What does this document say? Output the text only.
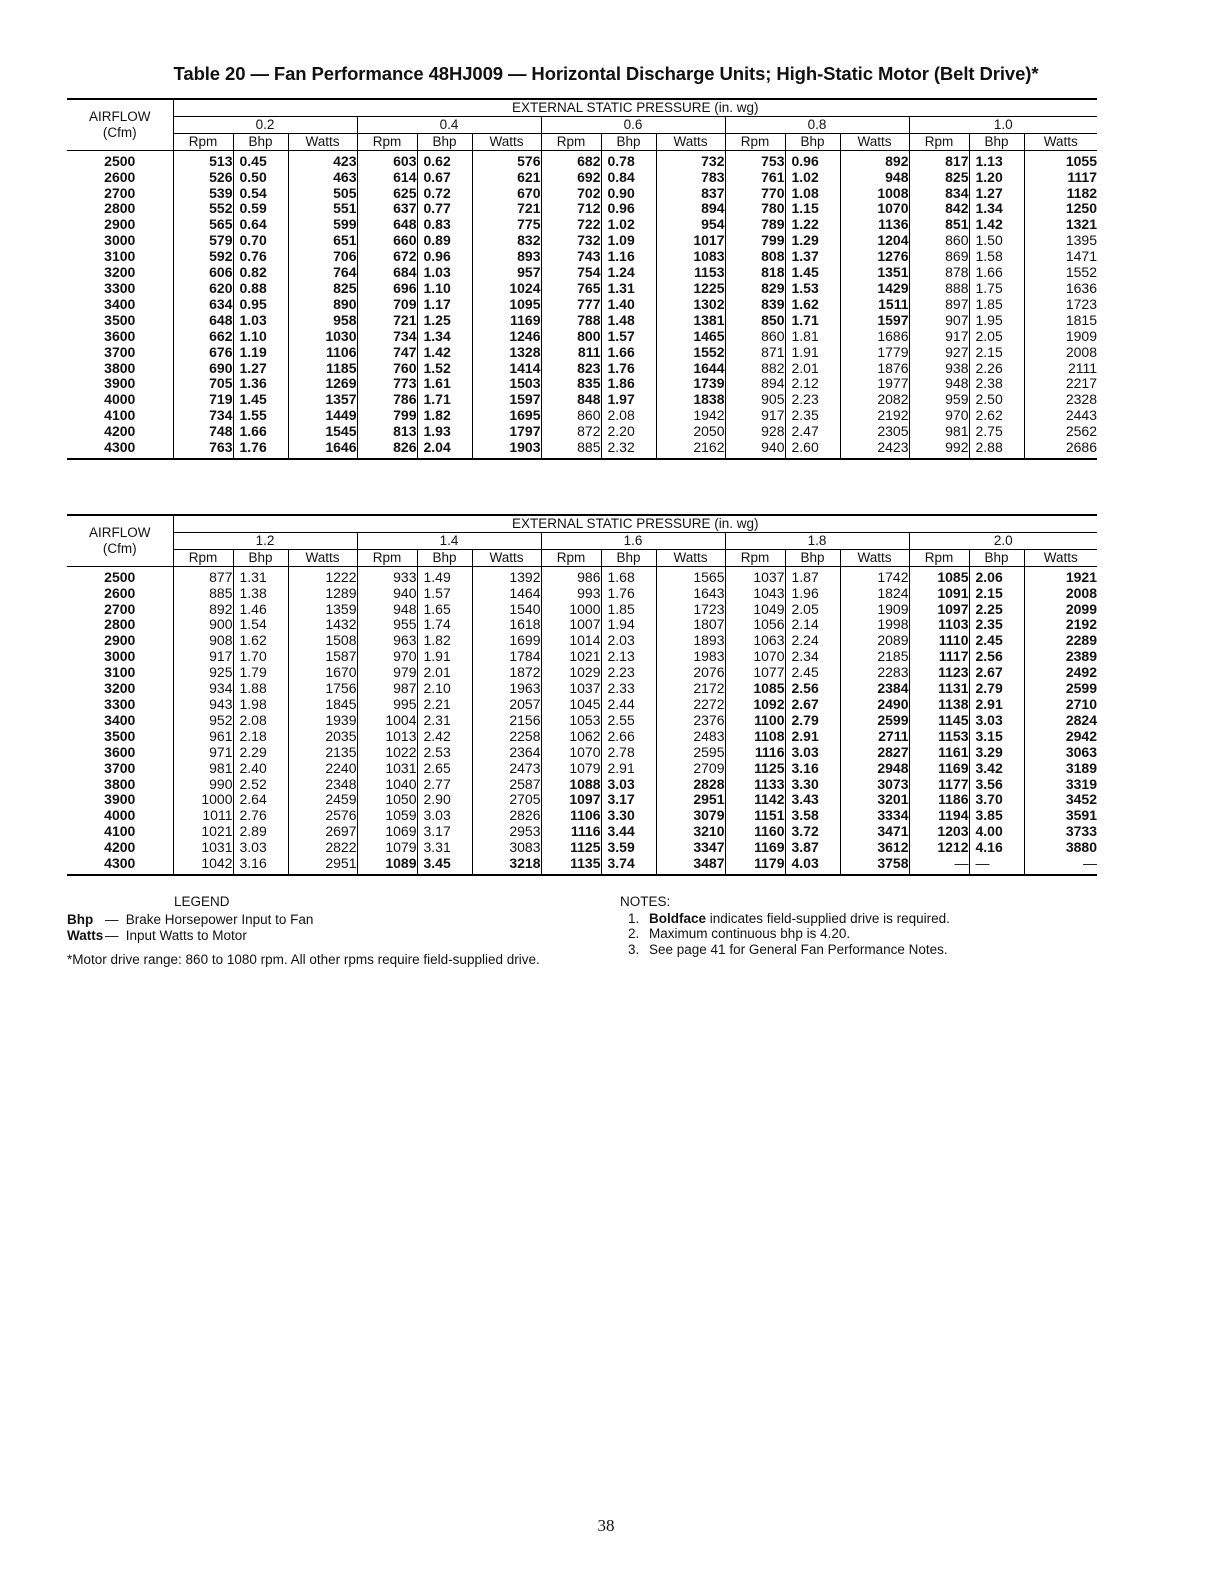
Table 20 — Fan Performance 48HJ009 — Horizontal Discharge Units; High-Static Motor (Belt Drive)*
AIRFLOW
(Cfm)	EXTERNAL STATIC PRESSURE (in. wg)														
	0.2			0.4			0.6			0.8			1.0		
	Rpm	Bhp	Watts	Rpm	Bhp	Watts	Rpm	Bhp	Watts	Rpm	Bhp	Watts	Rpm	Bhp	Watts
2500	513	0.45	423	603	0.62	576	682	0.78	732	753	0.96	892	817	1.13	1055
2600	526	0.50	463	614	0.67	621	692	0.84	783	761	1.02	948	825	1.20	1117
2700	539	0.54	505	625	0.72	670	702	0.90	837	770	1.08	1008	834	1.27	1182
2800	552	0.59	551	637	0.77	721	712	0.96	894	780	1.15	1070	842	1.34	1250
2900	565	0.64	599	648	0.83	775	722	1.02	954	789	1.22	1136	851	1.42	1321
3000	579	0.70	651	660	0.89	832	732	1.09	1017	799	1.29	1204	860	1.50	1395
3100	592	0.76	706	672	0.96	893	743	1.16	1083	808	1.37	1276	869	1.58	1471
3200	606	0.82	764	684	1.03	957	754	1.24	1153	818	1.45	1351	878	1.66	1552
3300	620	0.88	825	696	1.10	1024	765	1.31	1225	829	1.53	1429	888	1.75	1636
3400	634	0.95	890	709	1.17	1095	777	1.40	1302	839	1.62	1511	897	1.85	1723
3500	648	1.03	958	721	1.25	1169	788	1.48	1381	850	1.71	1597	907	1.95	1815
3600	662	1.10	1030	734	1.34	1246	800	1.57	1465	860	1.81	1686	917	2.05	1909
3700	676	1.19	1106	747	1.42	1328	811	1.66	1552	871	1.91	1779	927	2.15	2008
3800	690	1.27	1185	760	1.52	1414	823	1.76	1644	882	2.01	1876	938	2.26	2111
3900	705	1.36	1269	773	1.61	1503	835	1.86	1739	894	2.12	1977	948	2.38	2217
4000	719	1.45	1357	786	1.71	1597	848	1.97	1838	905	2.23	2082	959	2.50	2328
4100	734	1.55	1449	799	1.82	1695	860	2.08	1942	917	2.35	2192	970	2.62	2443
4200	748	1.66	1545	813	1.93	1797	872	2.20	2050	928	2.47	2305	981	2.75	2562
4300	763	1.76	1646	826	2.04	1903	885	2.32	2162	940	2.60	2423	992	2.88	2686
AIRFLOW
(Cfm)	EXTERNAL STATIC PRESSURE (in. wg)														
	1.2			1.4			1.6			1.8			2.0		
	Rpm	Bhp	Watts	Rpm	Bhp	Watts	Rpm	Bhp	Watts	Rpm	Bhp	Watts	Rpm	Bhp	Watts
2500	877	1.31	1222	933	1.49	1392	986	1.68	1565	1037	1.87	1742	1085	2.06	1921
2600	885	1.38	1289	940	1.57	1464	993	1.76	1643	1043	1.96	1824	1091	2.15	2008
2700	892	1.46	1359	948	1.65	1540	1000	1.85	1723	1049	2.05	1909	1097	2.25	2099
2800	900	1.54	1432	955	1.74	1618	1007	1.94	1807	1056	2.14	1998	1103	2.35	2192
2900	908	1.62	1508	963	1.82	1699	1014	2.03	1893	1063	2.24	2089	1110	2.45	2289
3000	917	1.70	1587	970	1.91	1784	1021	2.13	1983	1070	2.34	2185	1117	2.56	2389
3100	925	1.79	1670	979	2.01	1872	1029	2.23	2076	1077	2.45	2283	1123	2.67	2492
3200	934	1.88	1756	987	2.10	1963	1037	2.33	2172	1085	2.56	2384	1131	2.79	2599
3300	943	1.98	1845	995	2.21	2057	1045	2.44	2272	1092	2.67	2490	1138	2.91	2710
3400	952	2.08	1939	1004	2.31	2156	1053	2.55	2376	1100	2.79	2599	1145	3.03	2824
3500	961	2.18	2035	1013	2.42	2258	1062	2.66	2483	1108	2.91	2711	1153	3.15	2942
3600	971	2.29	2135	1022	2.53	2364	1070	2.78	2595	1116	3.03	2827	1161	3.29	3063
3700	981	2.40	2240	1031	2.65	2473	1079	2.91	2709	1125	3.16	2948	1169	3.42	3189
3800	990	2.52	2348	1040	2.77	2587	1088	3.03	2828	1133	3.30	3073	1177	3.56	3319
3900	1000	2.64	2459	1050	2.90	2705	1097	3.17	2951	1142	3.43	3201	1186	3.70	3452
4000	1011	2.76	2576	1059	3.03	2826	1106	3.30	3079	1151	3.58	3334	1194	3.85	3591
4100	1021	2.89	2697	1069	3.17	2953	1116	3.44	3210	1160	3.72	3471	1203	4.00	3733
4200	1031	3.03	2822	1079	3.31	3083	1125	3.59	3347	1169	3.87	3612	1212	4.16	3880
4300	1042	3.16	2951	1089	3.45	3218	1135	3.74	3487	1179	4.03	3758	—	—	—
LEGEND
Bhp —
Brake Horsepower Input to Fan
Watts —
Input Watts to Motor
*Motor drive range: 860 to 1080 rpm. All other rpms require field-supplied drive.
NOTES:
1. Boldface indicates field-supplied drive is required.
2. Maximum continuous bhp is 4.20.
3. See page 41 for General Fan Performance Notes.
38
